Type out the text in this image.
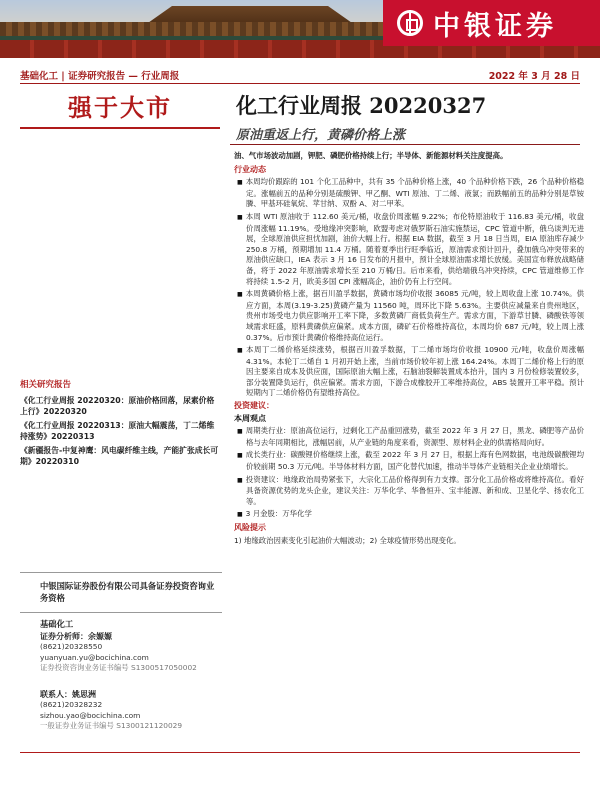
中银证券
基础化工 | 证券研究报告 — 行业周报	2022 年 3 月 28 日
强于大市	化工行业周报 20220327
原油重返上行，黄磷价格上涨
油、气市场波动加剧，钾肥、磷肥价格持续上行；半导体、新能源材料关注度提高。
行业动态

■ 本周均价跟踪的 101 个化工品种中，共有 35 个品种价格上涨，40 个品种价格下跌，26 个品种价格稳定。涨幅前五的品种分别是硫酸钾、甲乙酮、WTI 原油、丁二烯、液氯；而跌幅前五的品种分别是草铵膦、甲基环硅氧烷、苹甘纳、双酚 A、对二甲苯。

■ 本周 WTI 原油收于 112.60 美元/桶，收盘价周涨幅 9.22%；布伦特原油收于 116.83 美元/桶，收盘价周涨幅 11.19%。受地缘冲突影响，欧盟考虑对俄罗斯石油实施禁运，CPC 管道中断，俄乌谈判无进展，全球原油供应担忧加剧，油价大幅上行。根据 EIA 数据，截至 3 月 18 日当周，EIA 原油库存减少 250.8 万桶，预期增加 11.4 万桶。随着夏季出行旺季临近，原油需求预计回升，叠加俄乌冲突带来的原油供应缺口，IEA 表示 3 月 16 日发布的月报中，预计全球原油需求增长放缓。美国宣布释放战略储备，将于 2022 年原油需求增长至 210 万桶/日。后市来看，供给端俄乌冲突持续，CPC 管道维修工作将持续 1.5-2 月，欧美多国 CPI 涨幅高企，油价仍有上行空间。

■ 本周黄磷价格上涨，据百川盈孚数据，黄磷市场均价收报 36085 元/吨，较上周收盘上涨 10.74%。供应方面，本周(3.19-3.25)黄磷产量为 11560 吨，周环比下降 5.63%。主要供应减量来自贵州地区，贵州市场受电力供应影响开工率下降，多数黄磷厂商低负荷生产。需求方面，下游草甘膦、磷酸铁等领域需求旺盛，原料黄磷供应偏紧。成本方面，磷矿石价格维持高位，本周均价 687 元/吨，较上周上涨 0.37%。后市预计黄磷价格维持高位运行。

■ 本周丁二烯价格延续涨势，根据百川盈孚数据，丁二烯市场均价收报 10900 元/吨，收盘价周涨幅 4.31%。本轮丁二烯自 1 月初开始上涨，当前市场价较年初上涨 164.24%。本周丁二烯价格上行的原因主要来自成本及供应面，国际原油大幅上涨，石脑油裂解装置成本抬升，国内 3 月份检修装置较多，部分装置降负运行，供应偏紧。需求方面，下游合成橡胶开工率维持高位，ABS 装置开工率平稳。预计短期内丁二烯价格仍有望维持高位。

投资建议：
本周观点

■ 周期类行业：原油高位运行，过剩化工产品重回涨势，截至 2022 年 3 月 27 日，黑龙、磷肥等产品价格与去年同期相比，涨幅居前，从产业链的角度来看，资源型、原材料企业的供需格局向好。

■ 成长类行业：碳酸锂价格继续上涨，截至 2022 年 3 月 27 日，根据上海有色网数据，电池级碳酸锂均价较前期 50.3 万元/吨。半导体材料方面，国产化替代加速，推动半导体产业链相关企业业绩增长。

■ 投资建议：地缘政治局势紧张下，大宗化工品价格得到有力支撑。部分化工品价格或将维持高位。看好具备资源优势的龙头企业，建议关注：万华化学、华鲁恒升、宝丰能源、新和成、卫星化学、扬农化工等。

■ 3 月金股：万华化学

风险提示
1) 地缘政治因素变化引起油价大幅波动；2) 全球疫情形势出现变化。
相关研究报告
《化工行业周报 20220320：原油价格回落，尿素价格上行》20220320
《化工行业周报 20220313：原油大幅震荡，丁二烯维持涨势》20220313
《新疆报告-中复神鹰：风电碳纤维主线，产能扩张成长可期》20220310
中银国际证券股份有限公司具备证券投资咨询业务资格
基础化工
证券分析师：余嫄嫄
(8621)20328550
yuanyuan.yu@bocichina.com
证券投资咨询业务证书编号 S1300517050002
联系人：姚思洲
(8621)20328232
sizhou.yao@bocichina.com
一般证券业务证书编号 S1300121120029
